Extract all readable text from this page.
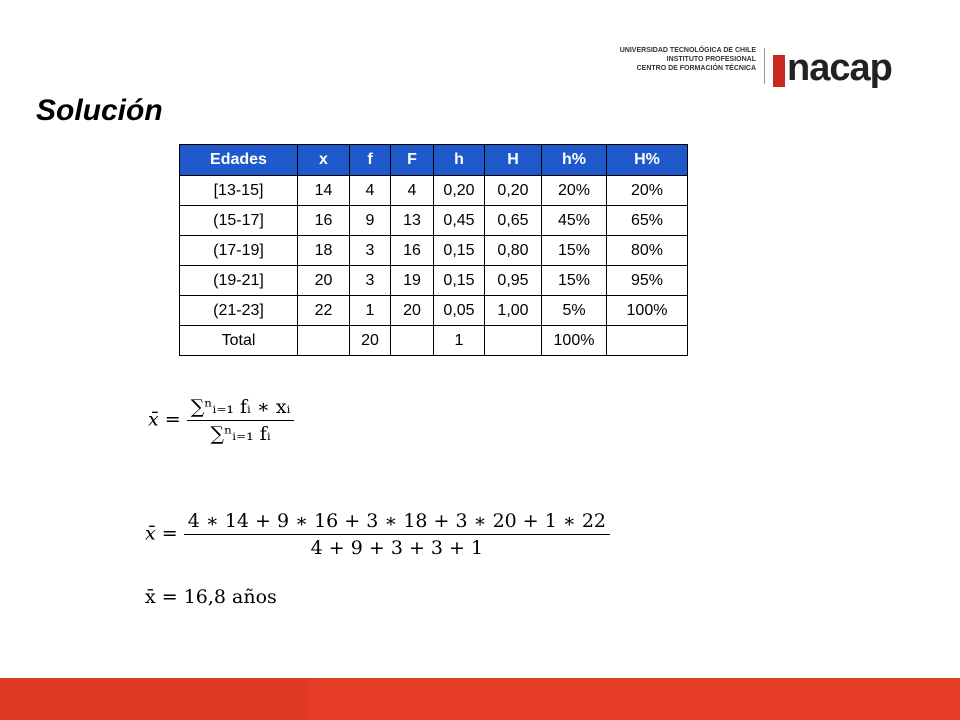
Solución
UNIVERSIDAD TECNOLÓGICA DE CHILE
INSTITUTO PROFESIONAL
CENTRO DE FORMACIÓN TÉCNICA nacap
Edades	x	f	F	h	H	h%	H%
[13-15]	14	4	4	0,20	0,20	20%	20%
(15-17]	16	9	13	0,45	0,65	45%	65%
(17-19]	18	3	16	0,15	0,80	15%	80%
(19-21]	20	3	19	0,15	0,95	15%	95%
(21-23]	22	1	20	0,05	1,00	5%	100%
Total		20		1		100%	
x̄ = $\frac{\text{∑ⁿᵢ₌₁ fᵢ ∗ xᵢ}}{\text{∑ⁿᵢ₌₁ fᵢ}}$
x̄ = $\frac{4 ∗ 14 + 9 ∗ 16 + 3 ∗ 18 + 3 ∗ 20 + 1 ∗ 22}{4 + 9 + 3 + 3 + 1}$
x̄ = 16,8 años
